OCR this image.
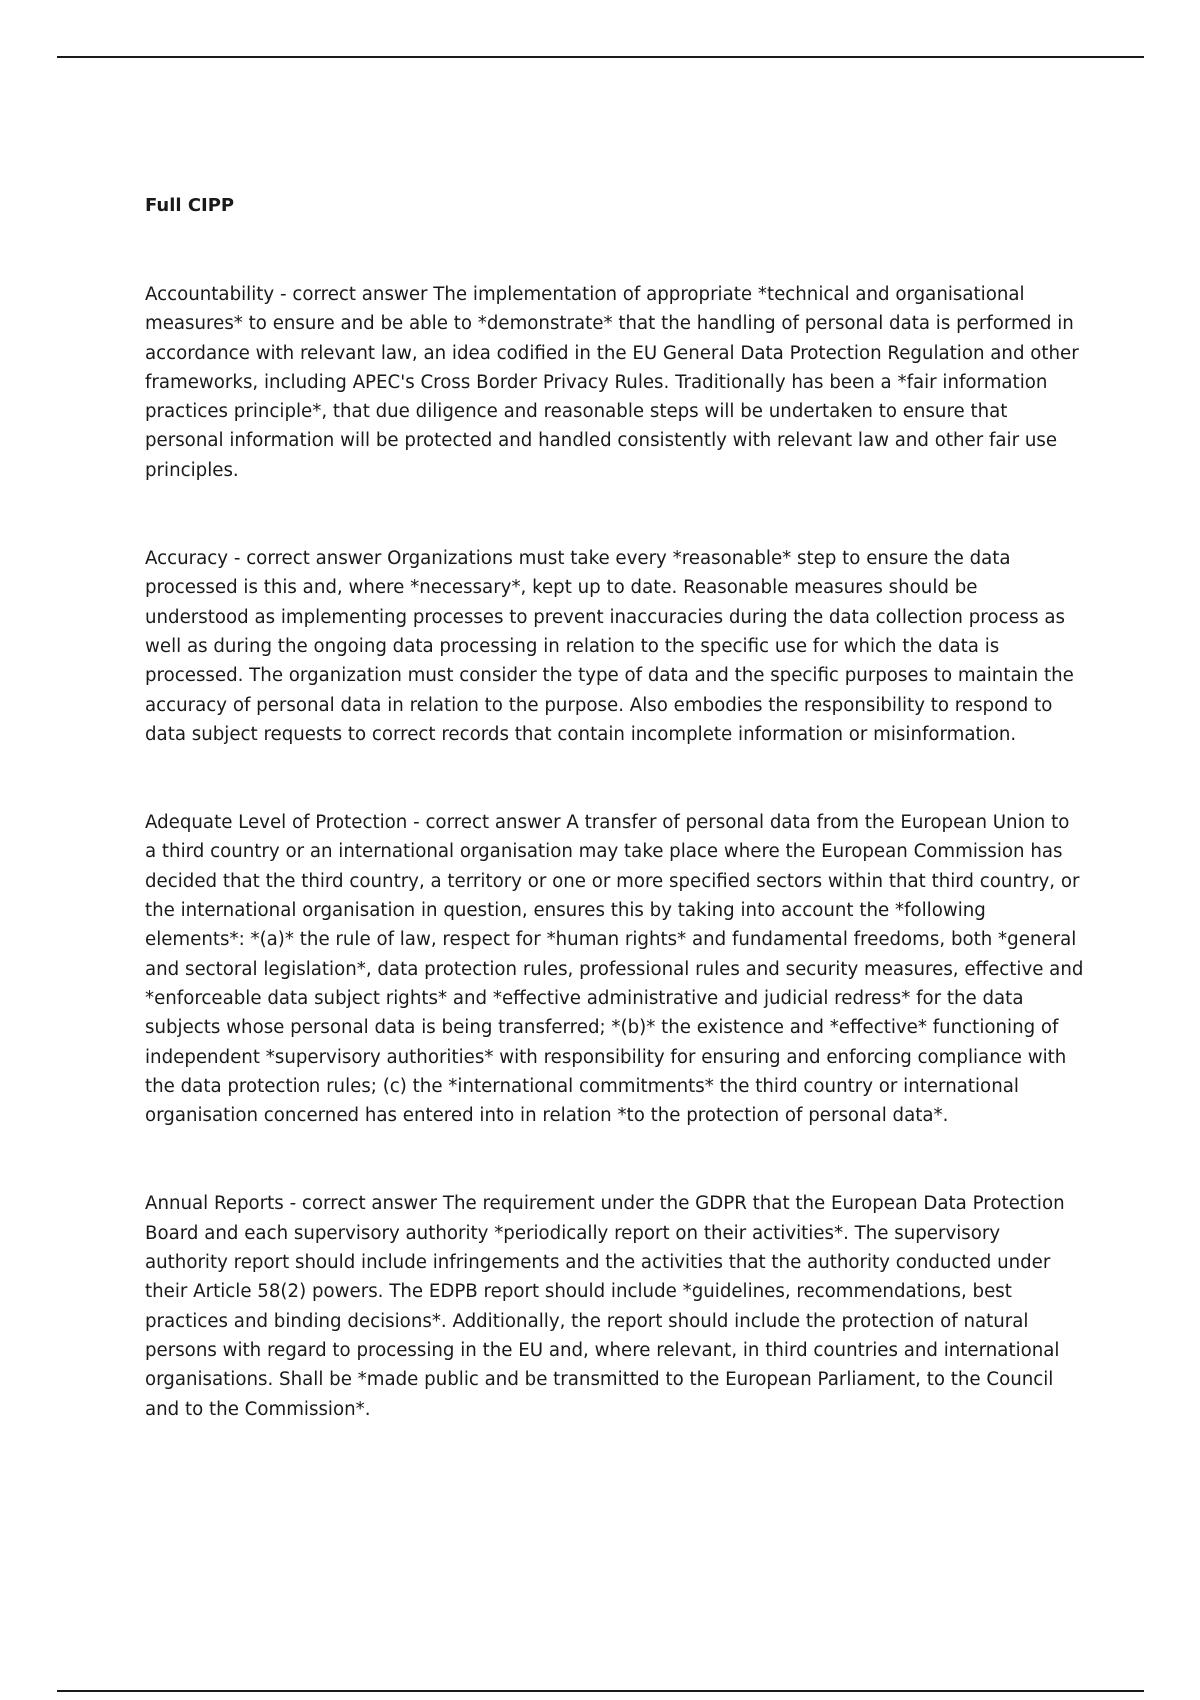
Full CIPP
Accountability - correct answer The implementation of appropriate *technical and organisational measures* to ensure and be able to *demonstrate* that the handling of personal data is performed in accordance with relevant law, an idea codified in the EU General Data Protection Regulation and other frameworks, including APEC's Cross Border Privacy Rules. Traditionally has been a *fair information practices principle*, that due diligence and reasonable steps will be undertaken to ensure that personal information will be protected and handled consistently with relevant law and other fair use principles.
Accuracy - correct answer Organizations must take every *reasonable* step to ensure the data processed is this and, where *necessary*, kept up to date. Reasonable measures should be understood as implementing processes to prevent inaccuracies during the data collection process as well as during the ongoing data processing in relation to the specific use for which the data is processed. The organization must consider the type of data and the specific purposes to maintain the accuracy of personal data in relation to the purpose. Also embodies the responsibility to respond to data subject requests to correct records that contain incomplete information or misinformation.
Adequate Level of Protection - correct answer A transfer of personal data from the European Union to a third country or an international organisation may take place where the European Commission has decided that the third country, a territory or one or more specified sectors within that third country, or the international organisation in question, ensures this by taking into account the *following elements*: *(a)* the rule of law, respect for *human rights* and fundamental freedoms, both *general and sectoral legislation*, data protection rules, professional rules and security measures, effective and *enforceable data subject rights* and *effective administrative and judicial redress* for the data subjects whose personal data is being transferred; *(b)* the existence and *effective* functioning of independent *supervisory authorities* with responsibility for ensuring and enforcing compliance with the data protection rules; (c) the *international commitments* the third country or international organisation concerned has entered into in relation *to the protection of personal data*.
Annual Reports - correct answer The requirement under the GDPR that the European Data Protection Board and each supervisory authority *periodically report on their activities*. The supervisory authority report should include infringements and the activities that the authority conducted under their Article 58(2) powers. The EDPB report should include *guidelines, recommendations, best practices and binding decisions*. Additionally, the report should include the protection of natural persons with regard to processing in the EU and, where relevant, in third countries and international organisations. Shall be *made public and be transmitted to the European Parliament, to the Council and to the Commission*.
